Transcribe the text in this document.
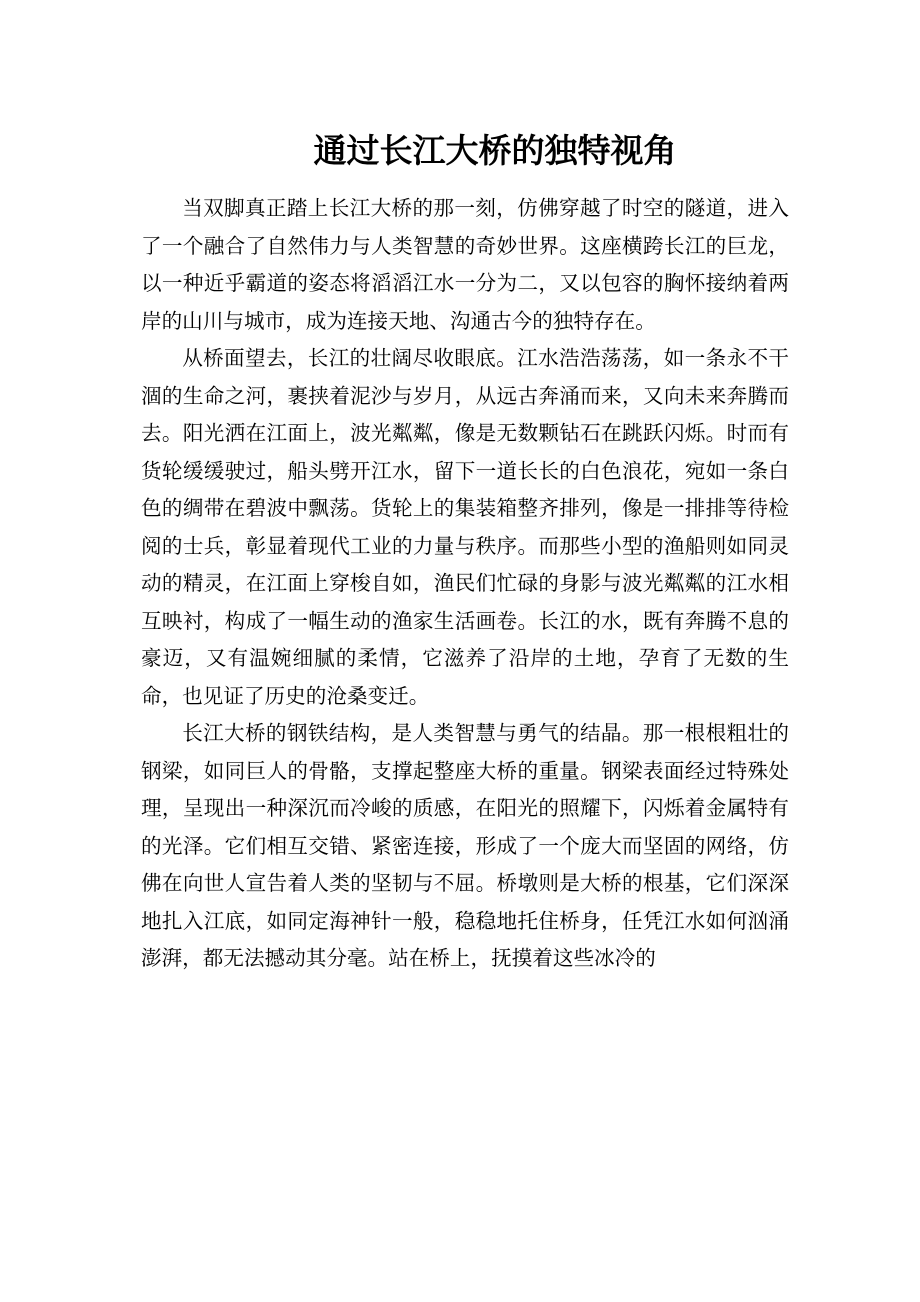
通过长江大桥的独特视角

当双脚真正踏上长江大桥的那一刻，仿佛穿越了时空的隧道，进入了一个融合了自然伟力与人类智慧的奇妙世界。这座横跨长江的巨龙，以一种近乎霸道的姿态将滔滔江水一分为二，又以包容的胸怀接纳着两岸的山川与城市，成为连接天地、沟通古今的独特存在。

从桥面望去，长江的壮阔尽收眼底。江水浩浩荡荡，如一条永不干涸的生命之河，裹挟着泥沙与岁月，从远古奔涌而来，又向未来奔腾而去。阳光洒在江面上，波光粼粼，像是无数颗钻石在跳跃闪烁。时而有货轮缓缓驶过，船头劈开江水，留下一道长长的白色浪花，宛如一条白色的绸带在碧波中飘荡。货轮上的集装箱整齐排列，像是一排排等待检阅的士兵，彰显着现代工业的力量与秩序。而那些小型的渔船则如同灵动的精灵，在江面上穿梭自如，渔民们忙碌的身影与波光粼粼的江水相互映衬，构成了一幅生动的渔家生活画卷。长江的水，既有奔腾不息的豪迈，又有温婉细腻的柔情，它滋养了沿岸的土地，孕育了无数的生命，也见证了历史的沧桑变迁。

长江大桥的钢铁结构，是人类智慧与勇气的结晶。那一根根粗壮的钢梁，如同巨人的骨骼，支撑起整座大桥的重量。钢梁表面经过特殊处理，呈现出一种深沉而冷峻的质感，在阳光的照耀下，闪烁着金属特有的光泽。它们相互交错、紧密连接，形成了一个庞大而坚固的网络，仿佛在向世人宣告着人类的坚韧与不屈。桥墩则是大桥的根基，它们深深地扎入江底，如同定海神针一般，稳稳地托住桥身，任凭江水如何汹涌澎湃，都无法撼动其分毫。站在桥上，抚摸着这些冰冷的
